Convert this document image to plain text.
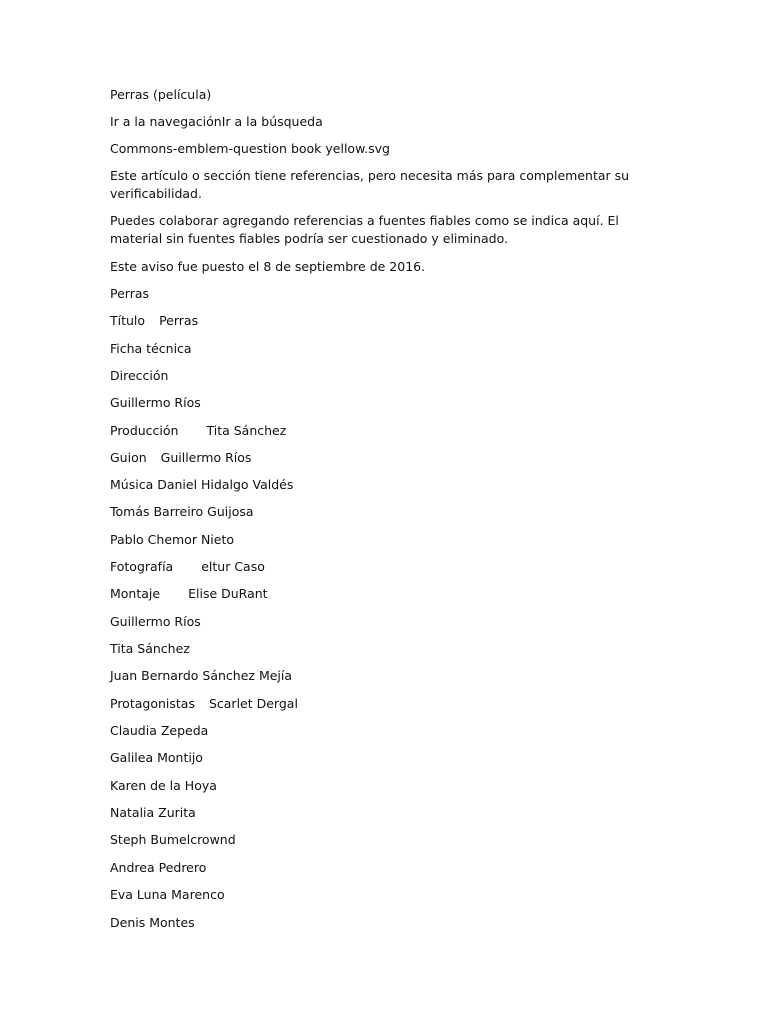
Perras (película)
Ir a la navegaciónIr a la búsqueda
Commons-emblem-question book yellow.svg
Este artículo o sección tiene referencias, pero necesita más para complementar su verificabilidad.
Puedes colaborar agregando referencias a fuentes fiables como se indica aquí. El material sin fuentes fiables podría ser cuestionado y eliminado.
Este aviso fue puesto el 8 de septiembre de 2016.
Perras
Título Perras
Ficha técnica
Dirección
Guillermo Ríos
Producción Tita Sánchez
Guion Guillermo Ríos
Música Daniel Hidalgo Valdés
Tomás Barreiro Guijosa
Pablo Chemor Nieto
Fotografía eltur Caso
Montaje Elise DuRant
Guillermo Ríos
Tita Sánchez
Juan Bernardo Sánchez Mejía
Protagonistas Scarlet Dergal
Claudia Zepeda
Galilea Montijo
Karen de la Hoya
Natalia Zurita
Steph Bumelcrownd
Andrea Pedrero
Eva Luna Marenco
Denis Montes
